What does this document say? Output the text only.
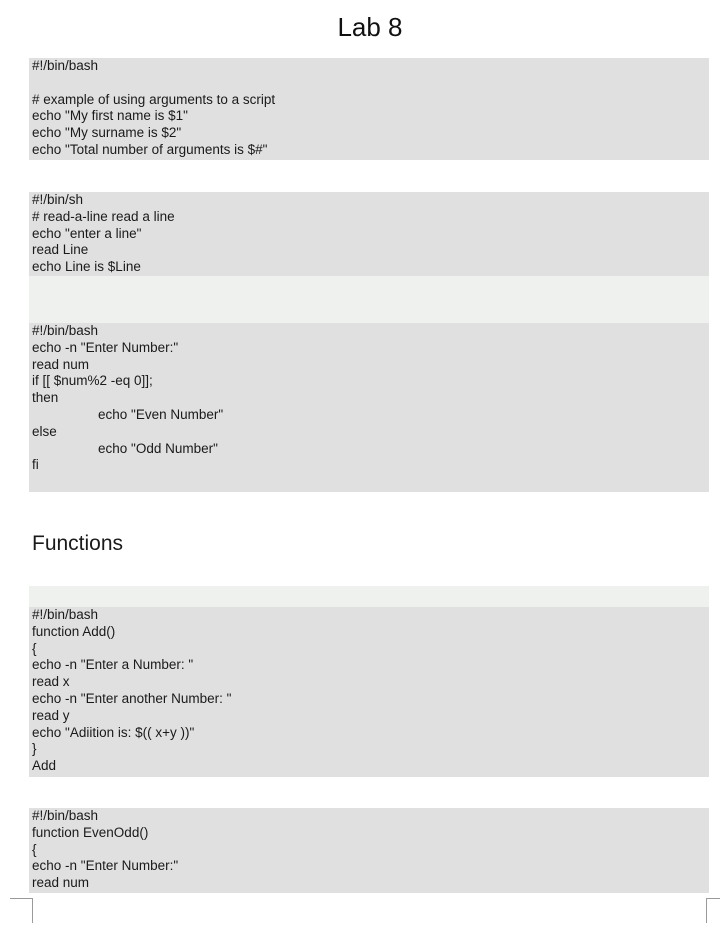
Lab 8
#!/bin/bash
# example of using arguments to a script
echo "My first name is $1"
echo "My surname is $2"
echo "Total number of arguments is $#"
#!/bin/sh
# read-a-line read a line
echo "enter a line"
read Line
echo Line is $Line
#!/bin/bash
echo -n "Enter Number:"
read num
if [[ $num%2 -eq 0]];
then
echo "Even Number"
else
echo "Odd Number"
fi
Functions
#!/bin/bash
function Add()
{
echo -n "Enter a Number: "
read x
echo -n "Enter another Number: "
read y
echo "Adiition is: $(( x+y ))"
}
Add
#!/bin/bash
function EvenOdd()
{
echo -n "Enter Number:"
read num
